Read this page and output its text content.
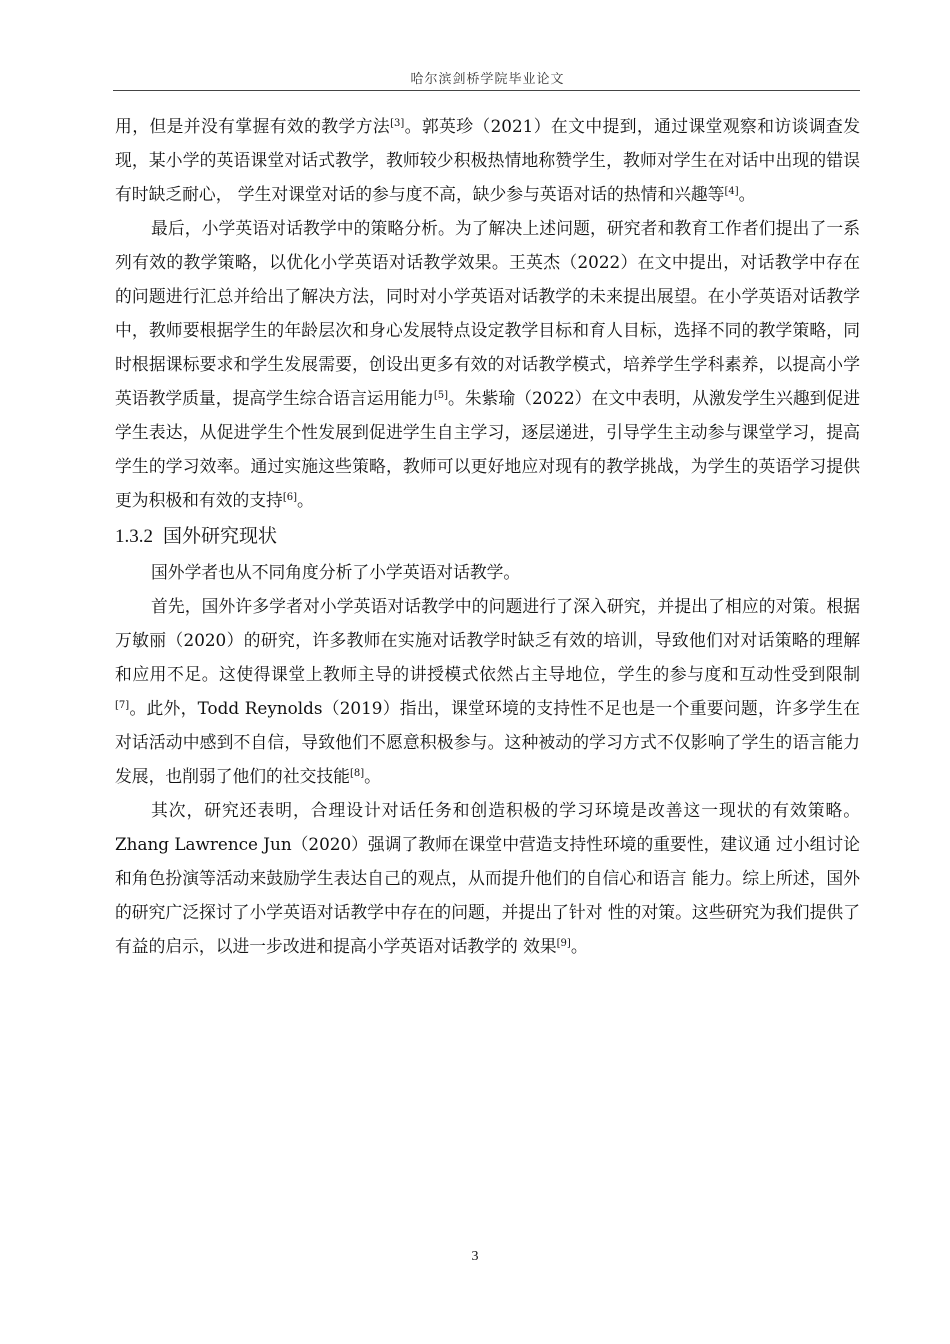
哈尔滨剑桥学院毕业论文

用，但是并没有掌握有效的教学方法[3]。郭英珍（2021）在文中提到，通过课堂观察和访谈调查发现，某小学的英语课堂对话式教学，教师较少积极热情地称赞学生，教师对学生在对话中出现的错误有时缺乏耐心， 学生对课堂对话的参与度不高，缺少参与英语对话的热情和兴趣等[4]。

最后，小学英语对话教学中的策略分析。为了解决上述问题，研究者和教育工作者们提出了一系列有效的教学策略，以优化小学英语对话教学效果。王英杰（2022）在文中提出，对话教学中存在的问题进行汇总并给出了解决方法，同时对小学英语对话教学的未来提出展望。在小学英语对话教学中，教师要根据学生的年龄层次和身心发展特点设定教学目标和育人目标，选择不同的教学策略，同时根据课标要求和学生发展需要，创设出更多有效的对话教学模式，培养学生学科素养，以提高小学英语教学质量，提高学生综合语言运用能力[5]。朱紫瑜（2022）在文中表明，从激发学生兴趣到促进学生表达，从促进学生个性发展到促进学生自主学习，逐层递进，引导学生主动参与课堂学习，提高学生的学习效率。通过实施这些策略，教师可以更好地应对现有的教学挑战，为学生的英语学习提供更为积极和有效的支持[6]。

1.3.2 国外研究现状

国外学者也从不同角度分析了小学英语对话教学。

首先，国外许多学者对小学英语对话教学中的问题进行了深入研究，并提出了相应的对策。根据万敏丽（2020）的研究，许多教师在实施对话教学时缺乏有效的培训，导致他们对对话策略的理解和应用不足。这使得课堂上教师主导的讲授模式依然占主导地位，学生的参与度和互动性受到限制[7]。此外，Todd Reynolds（2019）指出，课堂环境的支持性不足也是一个重要问题，许多学生在对话活动中感到不自信，导致他们不愿意积极参与。这种被动的学习方式不仅影响了学生的语言能力发展，也削弱了他们的社交技能[8]。

其次，研究还表明，合理设计对话任务和创造积极的学习环境是改善这一现状的有效策略。Zhang Lawrence Jun（2020）强调了教师在课堂中营造支持性环境的重要性，建议通 过小组讨论和角色扮演等活动来鼓励学生表达自己的观点，从而提升他们的自信心和语言 能力。综上所述，国外的研究广泛探讨了小学英语对话教学中存在的问题，并提出了针对 性的对策。这些研究为我们提供了有益的启示，以进一步改进和提高小学英语对话教学的 效果[9]。

3
